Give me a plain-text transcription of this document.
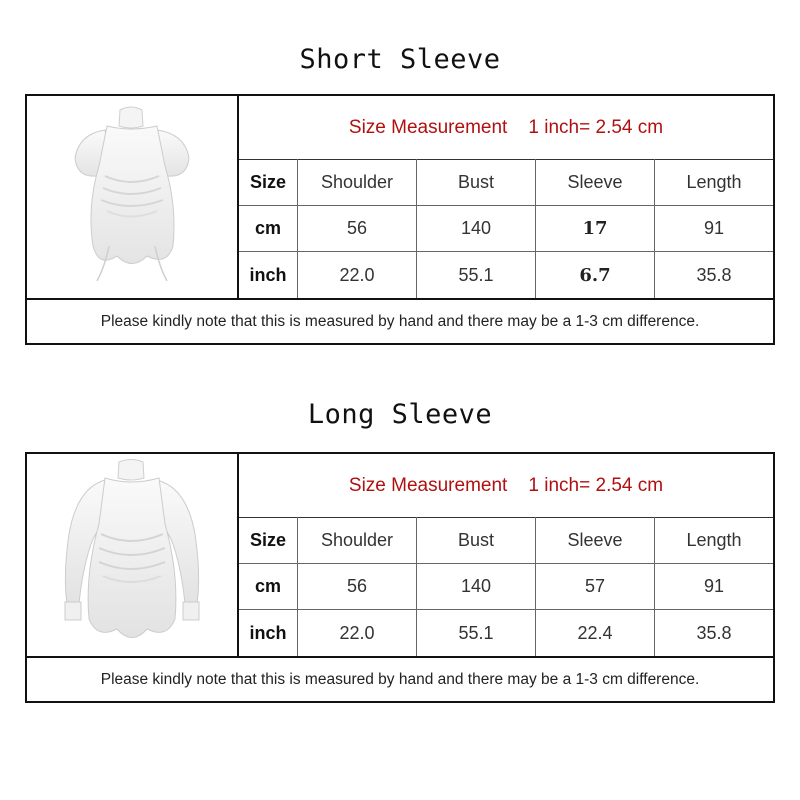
Short Sleeve
Size Measurement    1 inch= 2.54 cm
Size	Shoulder	Bust	Sleeve	Length
cm	56	140	17	91
inch	22.0	55.1	6.7	35.8
Please kindly note that this is measured by hand and there may be a 1-3 cm difference.
Long Sleeve
Size Measurement    1 inch= 2.54 cm
Size	Shoulder	Bust	Sleeve	Length
cm	56	140	57	91
inch	22.0	55.1	22.4	35.8
Please kindly note that this is measured by hand and there may be a 1-3 cm difference.
